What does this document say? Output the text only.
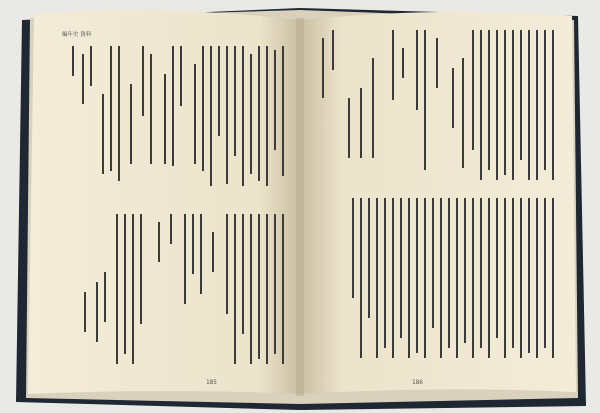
編年史 資料
185	186
